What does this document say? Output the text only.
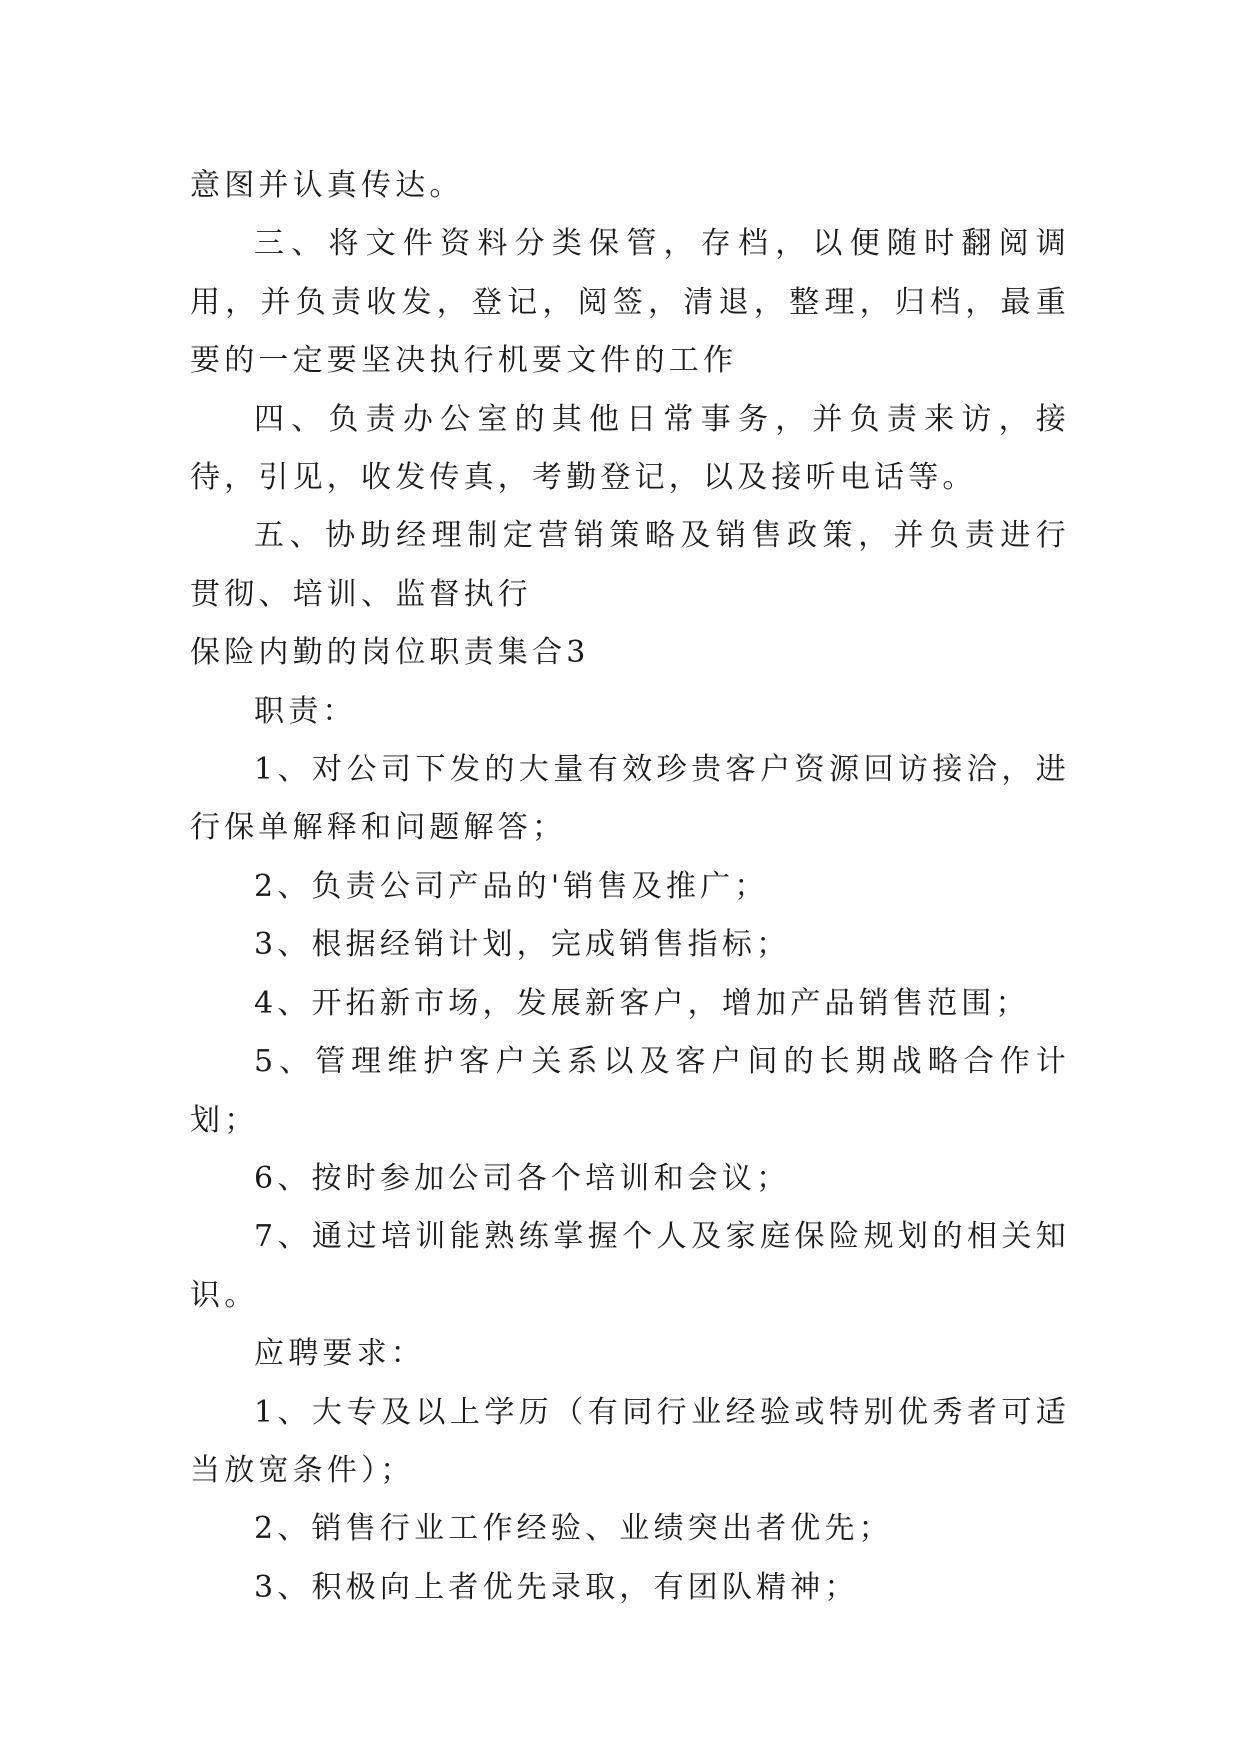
意图并认真传达。

三、将文件资料分类保管，存档，以便随时翻阅调用，并负责收发，登记，阅签，清退，整理，归档，最重要的一定要坚决执行机要文件的工作

四、负责办公室的其他日常事务，并负责来访，接待，引见，收发传真，考勤登记，以及接听电话等。

五、协助经理制定营销策略及销售政策，并负责进行贯彻、培训、监督执行

保险内勤的岗位职责集合3

职责：

1、对公司下发的大量有效珍贵客户资源回访接洽，进行保单解释和问题解答；

2、负责公司产品的'销售及推广；

3、根据经销计划，完成销售指标；

4、开拓新市场，发展新客户，增加产品销售范围；

5、管理维护客户关系以及客户间的长期战略合作计划；

6、按时参加公司各个培训和会议；

7、通过培训能熟练掌握个人及家庭保险规划的相关知识。

应聘要求：

1、大专及以上学历（有同行业经验或特别优秀者可适当放宽条件）；

2、销售行业工作经验、业绩突出者优先；

3、积极向上者优先录取，有团队精神；
